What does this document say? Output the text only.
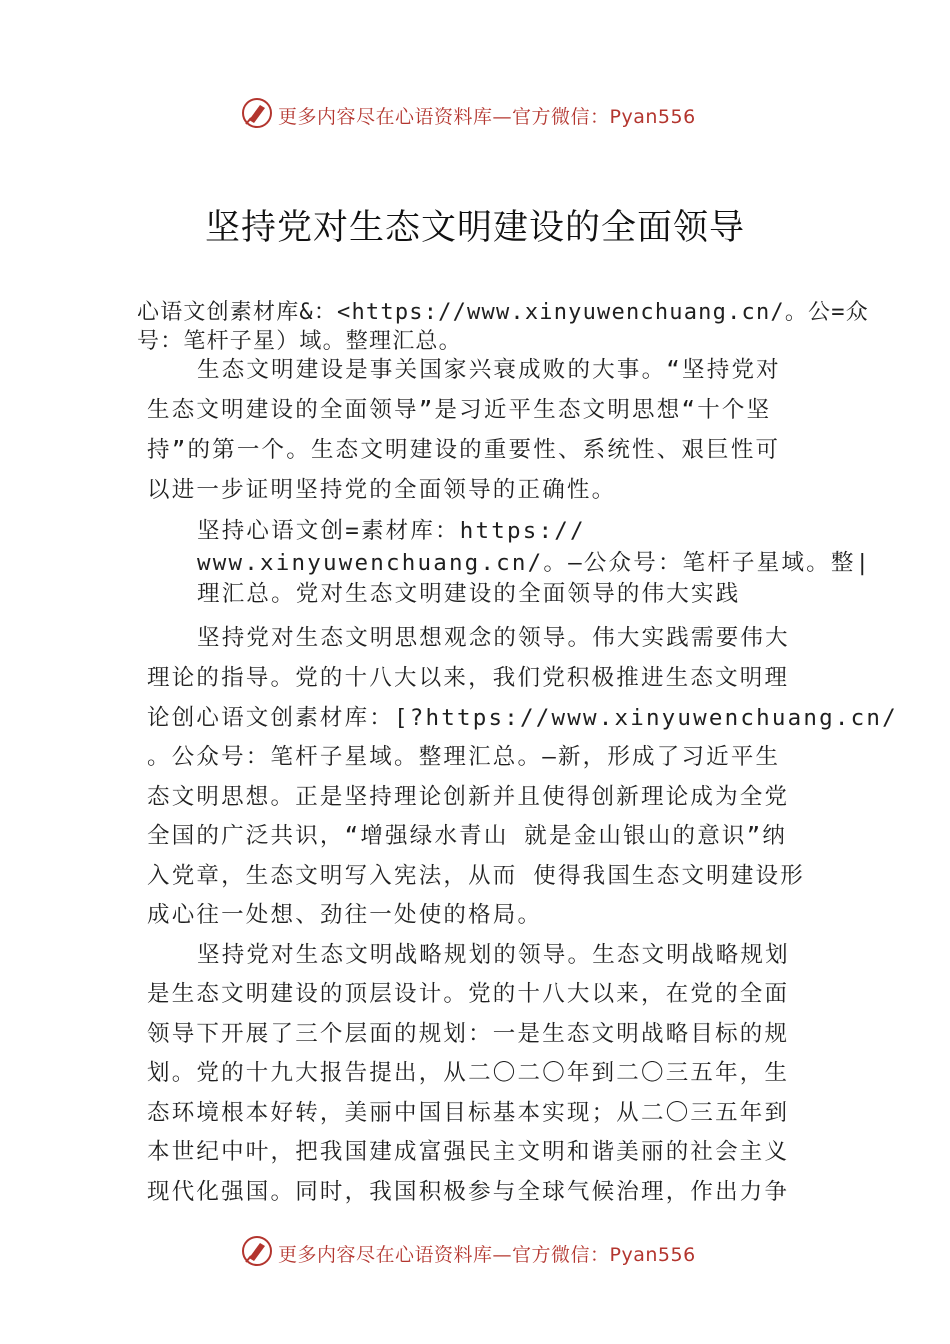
更多内容尽在心语资料库—官方微信：Pyan556
坚持党对生态文明建设的全面领导
心语文创素材库&：<https://www.xinyuwenchuang.cn/。公=众
号：笔杆子星）域。整理汇总。
生态文明建设是事关国家兴衰成败的大事。“坚持党对
生态文明建设的全面领导”是习近平生态文明思想“十个坚
持”的第一个。生态文明建设的重要性、系统性、艰巨性可
以进一步证明坚持党的全面领导的正确性。
坚持心语文创=素材库：https://
www.xinyuwenchuang.cn/。—公众号：笔杆子星域。整|
理汇总。党对生态文明建设的全面领导的伟大实践
坚持党对生态文明思想观念的领导。伟大实践需要伟大
理论的指导。党的十八大以来，我们党积极推进生态文明理
论创心语文创素材库：[?https://www.xinyuwenchuang.cn/
。公众号：笔杆子星域。整理汇总。—新，形成了习近平生
态文明思想。正是坚持理论创新并且使得创新理论成为全党
全国的广泛共识，“增强绿水青山 就是金山银山的意识”纳
入党章，生态文明写入宪法，从而 使得我国生态文明建设形
成心往一处想、劲往一处使的格局。
坚持党对生态文明战略规划的领导。生态文明战略规划
是生态文明建设的顶层设计。党的十八大以来，在党的全面
领导下开展了三个层面的规划：一是生态文明战略目标的规
划。党的十九大报告提出，从二〇二〇年到二〇三五年，生
态环境根本好转，美丽中国目标基本实现；从二〇三五年到
本世纪中叶，把我国建成富强民主文明和谐美丽的社会主义
现代化强国。同时，我国积极参与全球气候治理，作出力争
更多内容尽在心语资料库—官方微信：Pyan556
